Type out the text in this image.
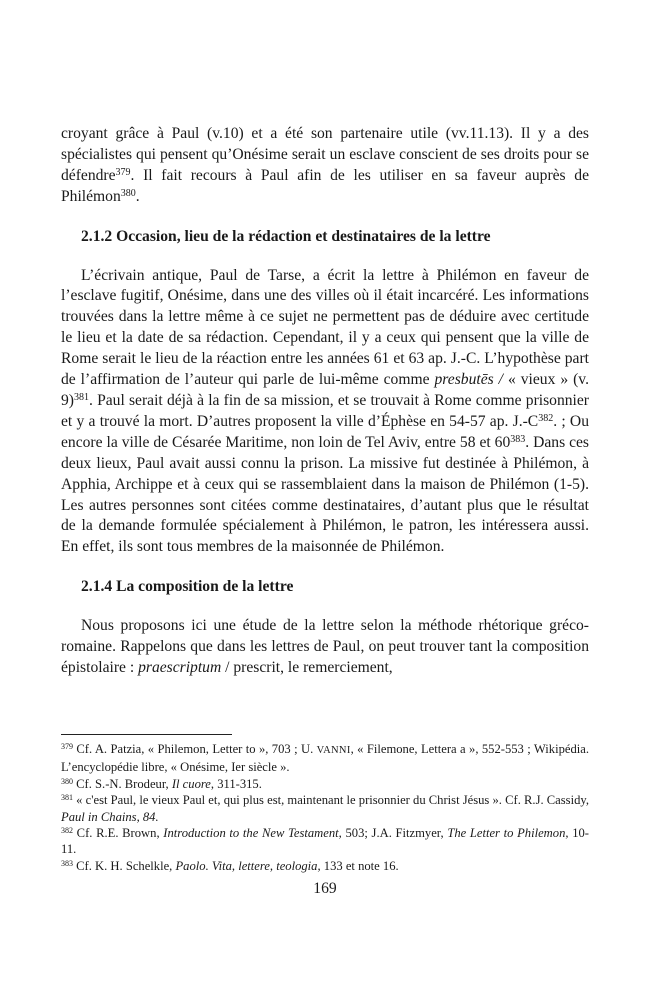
croyant grâce à Paul (v.10) et a été son partenaire utile (vv.11.13). Il y a des spécialistes qui pensent qu’Onésime serait un esclave conscient de ses droits pour se défendre$^{379}$. Il fait recours à Paul afin de les utiliser en sa faveur auprès de Philémon$^{380}$.

2.1.2 Occasion, lieu de la rédaction et destinataires de la lettre

L’écrivain antique, Paul de Tarse, a écrit la lettre à Philémon en faveur de l’esclave fugitif, Onésime, dans une des villes où il était incarcéré. Les informations trouvées dans la lettre même à ce sujet ne permettent pas de déduire avec certitude le lieu et la date de sa rédaction. Cependant, il y a ceux qui pensent que la ville de Rome serait le lieu de la réaction entre les années 61 et 63 ap. J.-C. L’hypothèse part de l’affirmation de l’auteur qui parle de lui-même comme presbutēs / « vieux » (v. 9)$^{381}$. Paul serait déjà à la fin de sa mission, et se trouvait à Rome comme prisonnier et y a trouvé la mort. D’autres proposent la ville d’Éphèse en 54-57 ap. $J.-C^{382}$. ; Ou encore la ville de Césarée Maritime, non loin de Tel Aviv, entre 58 et $60^{383}$. Dans ces deux lieux, Paul avait aussi connu la prison. La missive fut destinée à Philémon, à Apphia, Archippe et à ceux qui se rassemblaient dans la maison de Philémon (1-5). Les autres personnes sont citées comme destinataires, d’autant plus que le résultat de la demande formulée spécialement à Philémon, le patron, les intéressera aussi. En effet, ils sont tous membres de la maisonnée de Philémon.

2.1.4 La composition de la lettre

Nous proposons ici une étude de la lettre selon la méthode rhétorique gréco-romaine. Rappelons que dans les lettres de Paul, on peut trouver tant la composition épistolaire : praescriptum / prescrit, le remerciement,

$^{379}$ Cf. A. Patzia, « Philemon, Letter to », 703 ; U. VANNI, « Filemone, Lettera a », 552-553 ; Wikipédia. L’encyclopédie libre, « Onésime, Ier siècle ».

$^{380}$ Cf. S.-N. Brodeur, Il cuore, 311-315.

$^{381}$ « c'est Paul, le vieux Paul et, qui plus est, maintenant le prisonnier du Christ Jésus ». Cf. R.J. Cassidy, Paul in Chains, 84.

$^{382}$ Cf. R.E. Brown, Introduction to the New Testament, 503; J.A. Fitzmyer, The Letter to Philemon, 10-11.

$^{383}$ Cf. K. H. Schelkle, Paolo. Vita, lettere, teologia, 133 et note 16.

169
